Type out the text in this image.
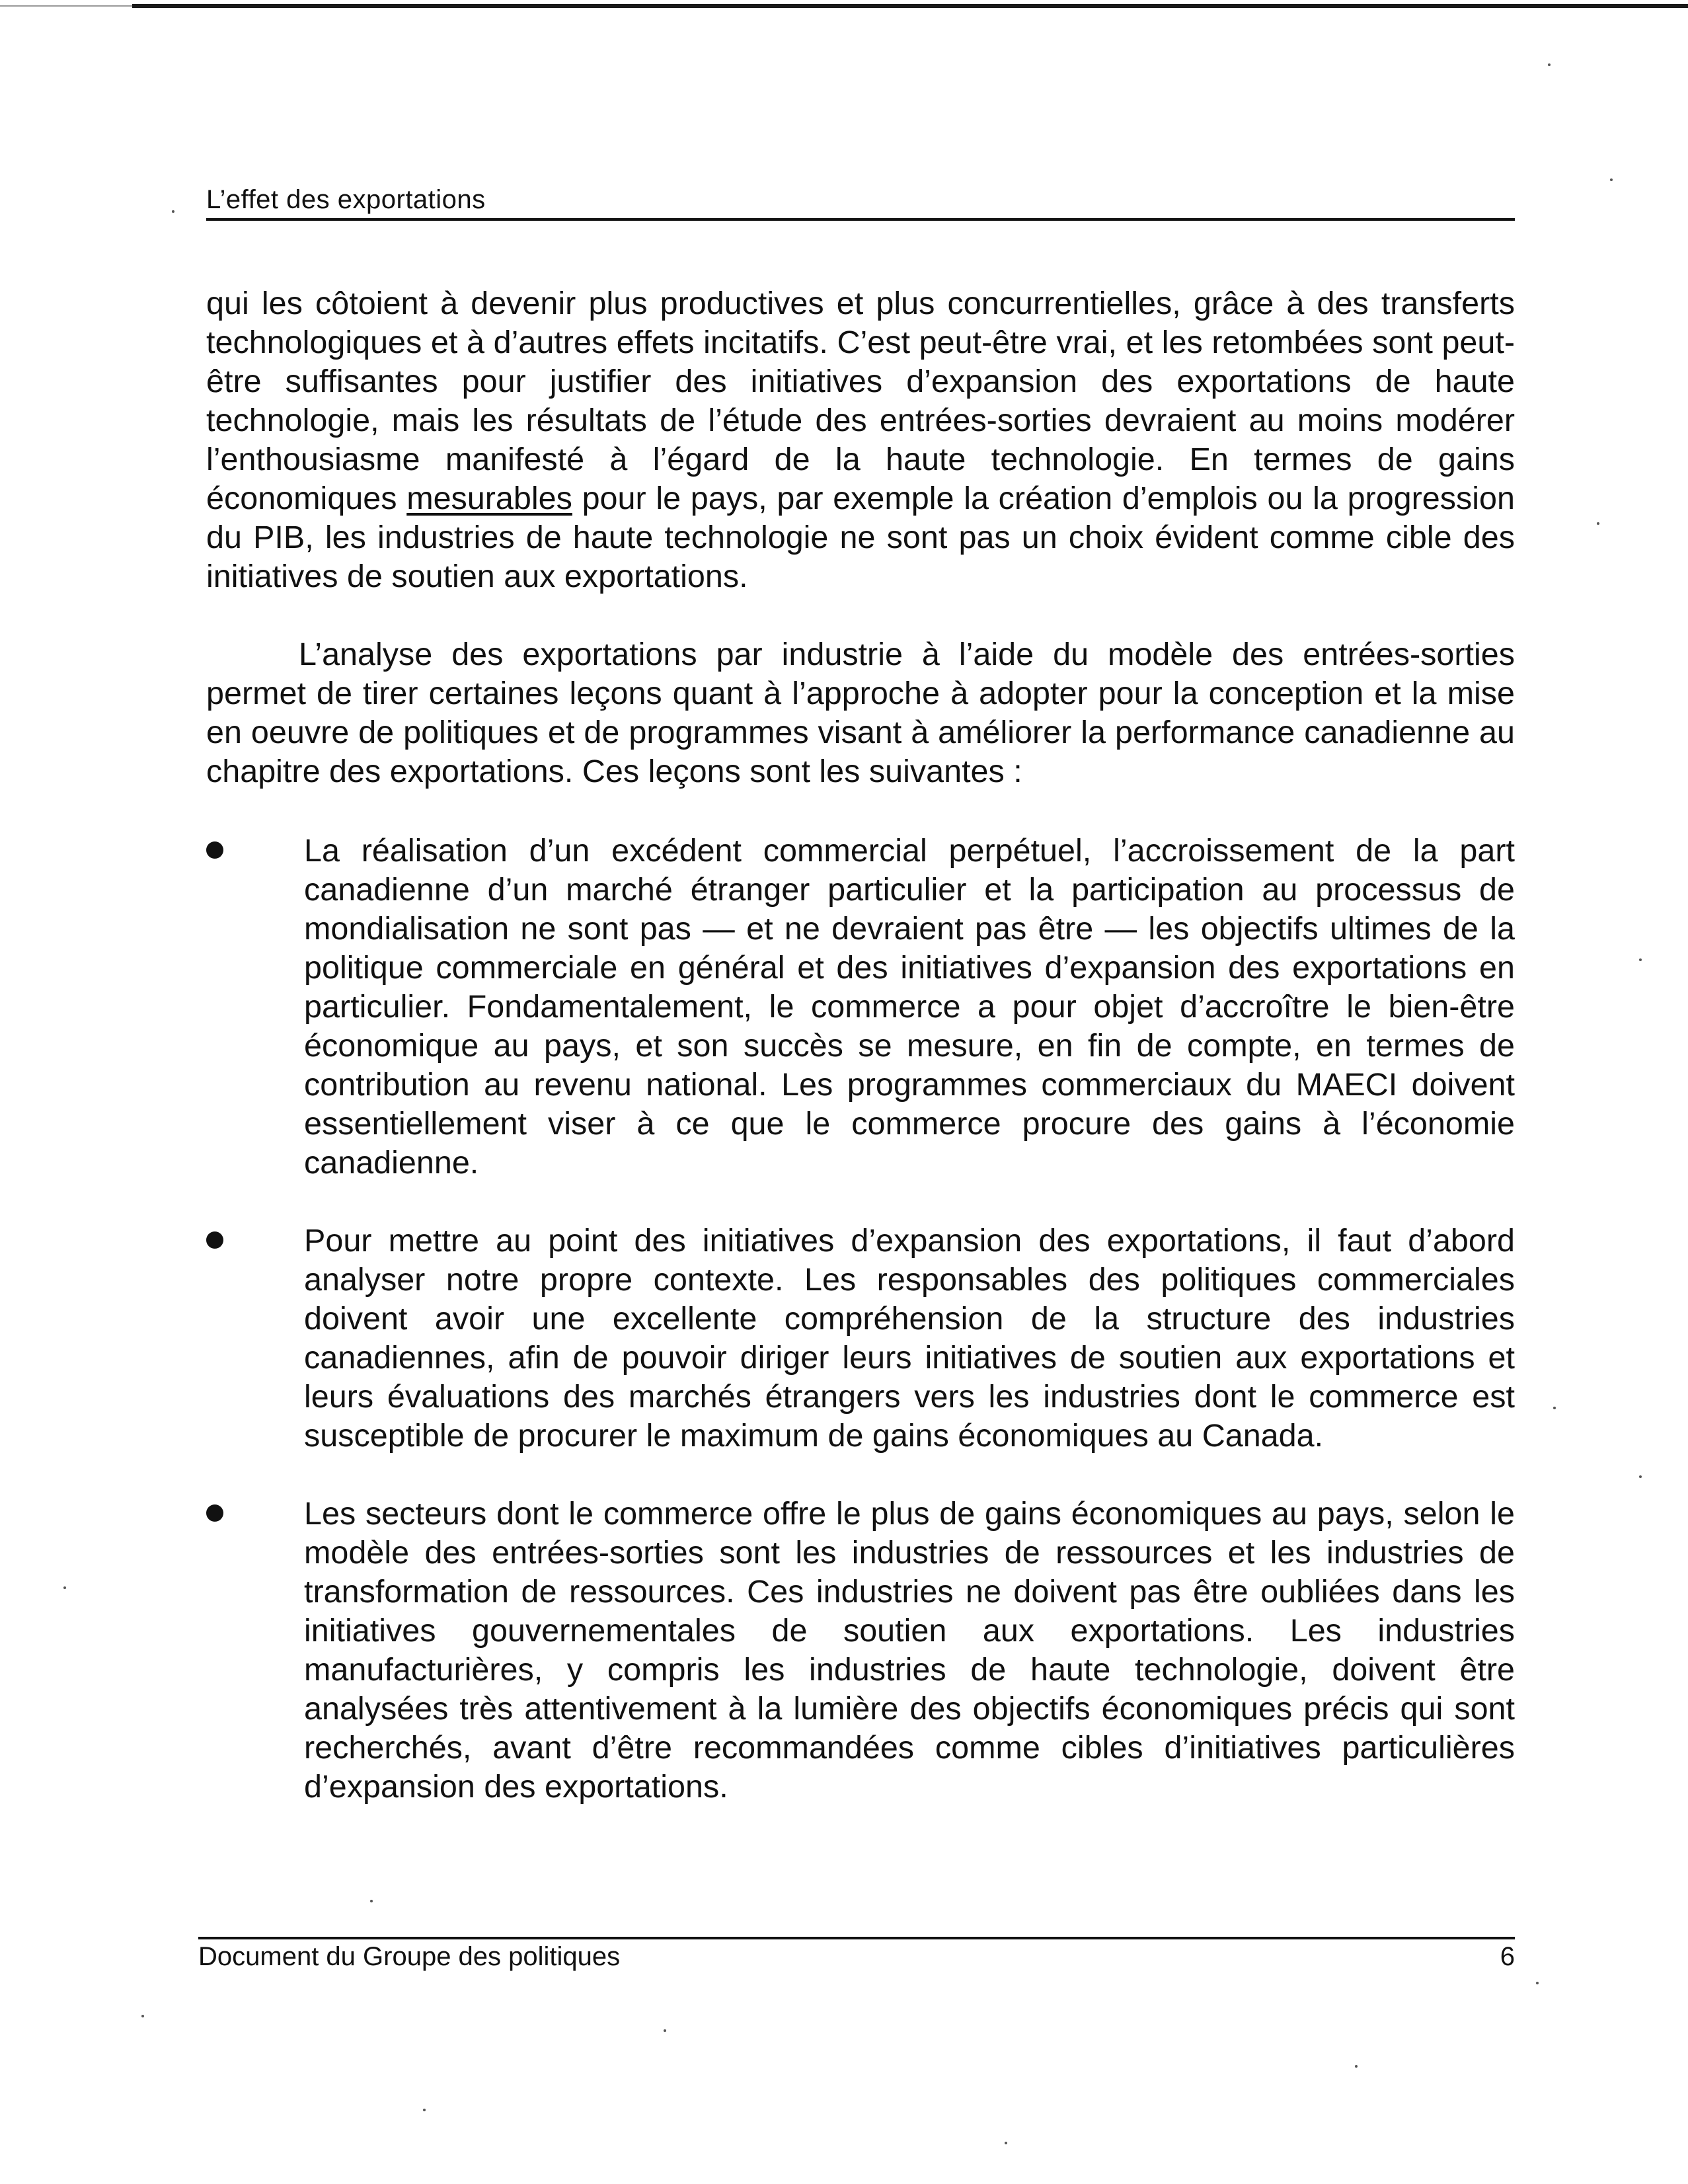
L’effet des exportations

qui les côtoient à devenir plus productives et plus concurrentielles, grâce à des transferts technologiques et à d’autres effets incitatifs. C’est peut-être vrai, et les retombées sont peut-être suffisantes pour justifier des initiatives d’expansion des exportations de haute technologie, mais les résultats de l’étude des entrées-sorties devraient au moins modérer l’enthousiasme manifesté à l’égard de la haute technologie. En termes de gains économiques mesurables pour le pays, par exemple la création d’emplois ou la progression du PIB, les industries de haute technologie ne sont pas un choix évident comme cible des initiatives de soutien aux exportations.

L’analyse des exportations par industrie à l’aide du modèle des entrées-sorties permet de tirer certaines leçons quant à l’approche à adopter pour la conception et la mise en oeuvre de politiques et de programmes visant à améliorer la performance canadienne au chapitre des exportations. Ces leçons sont les suivantes :

La réalisation d’un excédent commercial perpétuel, l’accroissement de la part canadienne d’un marché étranger particulier et la participation au processus de mondialisation ne sont pas — et ne devraient pas être — les objectifs ultimes de la politique commerciale en général et des initiatives d’expansion des exportations en particulier. Fondamentalement, le commerce a pour objet d’accroître le bien-être économique au pays, et son succès se mesure, en fin de compte, en termes de contribution au revenu national. Les programmes commerciaux du MAECI doivent essentiellement viser à ce que le commerce procure des gains à l’économie canadienne.
Pour mettre au point des initiatives d’expansion des exportations, il faut d’abord analyser notre propre contexte. Les responsables des politiques commerciales doivent avoir une excellente compréhension de la structure des industries canadiennes, afin de pouvoir diriger leurs initiatives de soutien aux exportations et leurs évaluations des marchés étrangers vers les industries dont le commerce est susceptible de procurer le maximum de gains économiques au Canada.
Les secteurs dont le commerce offre le plus de gains économiques au pays, selon le modèle des entrées-sorties sont les industries de ressources et les industries de transformation de ressources. Ces industries ne doivent pas être oubliées dans les initiatives gouvernementales de soutien aux exportations. Les industries manufacturières, y compris les industries de haute technologie, doivent être analysées très attentivement à la lumière des objectifs économiques précis qui sont recherchés, avant d’être recommandées comme cibles d’initiatives particulières d’expansion des exportations.
Document du Groupe des politiques	6
